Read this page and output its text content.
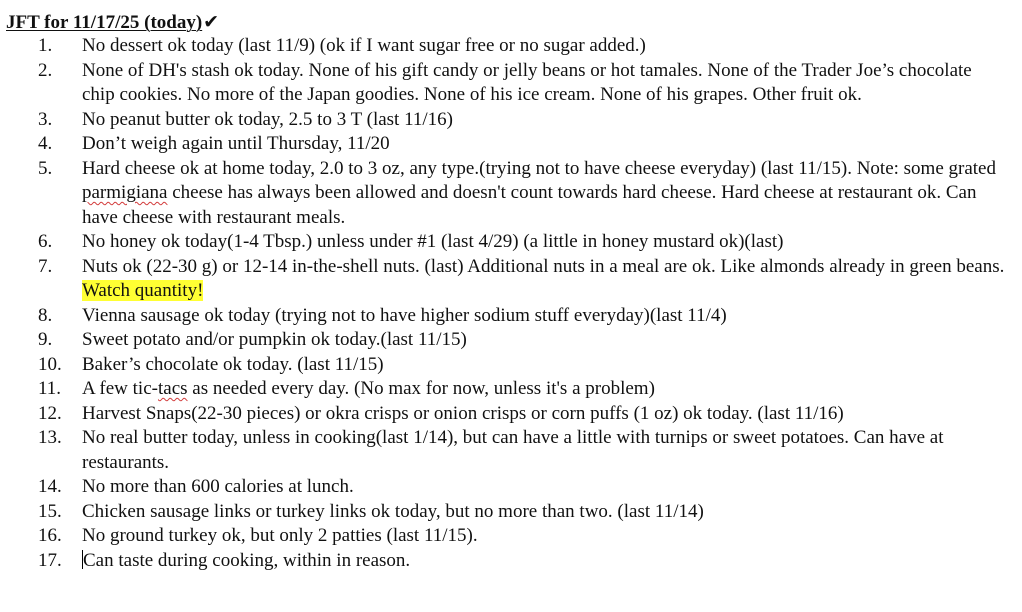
JFT for 11/17/25 (today)✔
1.	No dessert ok today (last 11/9) (ok if I want sugar free or no sugar added.)
2.	None of DH's stash ok today. None of his gift candy or jelly beans or hot tamales. None of the Trader Joe’s chocolate chip cookies. No more of the Japan goodies. None of his ice cream. None of his grapes. Other fruit ok.
3.	No peanut butter ok today, 2.5 to 3 T (last 11/16)
4.	Don’t weigh again until Thursday, 11/20
5.	Hard cheese ok at home today, 2.0 to 3 oz, any type.(trying not to have cheese everyday) (last 11/15). Note: some grated parmigiana cheese has always been allowed and doesn't count towards hard cheese. Hard cheese at restaurant ok. Can have cheese with restaurant meals.
6.	No honey ok today(1-4 Tbsp.) unless under #1 (last 4/29) (a little in honey mustard ok)(last)
7.	Nuts ok (22-30 g) or 12-14 in-the-shell nuts. (last) Additional nuts in a meal are ok. Like almonds already in green beans. Watch quantity!
8.	Vienna sausage ok today (trying not to have higher sodium stuff everyday)(last 11/4)
9.	Sweet potato and/or pumpkin ok today.(last 11/15)
10.	Baker’s chocolate ok today. (last 11/15)
11.	A few tic-tacs as needed every day. (No max for now, unless it's a problem)
12.	Harvest Snaps(22-30 pieces) or okra crisps or onion crisps or corn puffs (1 oz) ok today. (last 11/16)
13.	No real butter today, unless in cooking(last 1/14), but can have a little with turnips or sweet potatoes. Can have at restaurants.
14.	No more than 600 calories at lunch.
15.	Chicken sausage links or turkey links ok today, but no more than two. (last 11/14)
16.	No ground turkey ok, but only 2 patties (last 11/15).
17.	Can taste during cooking, within in reason.
